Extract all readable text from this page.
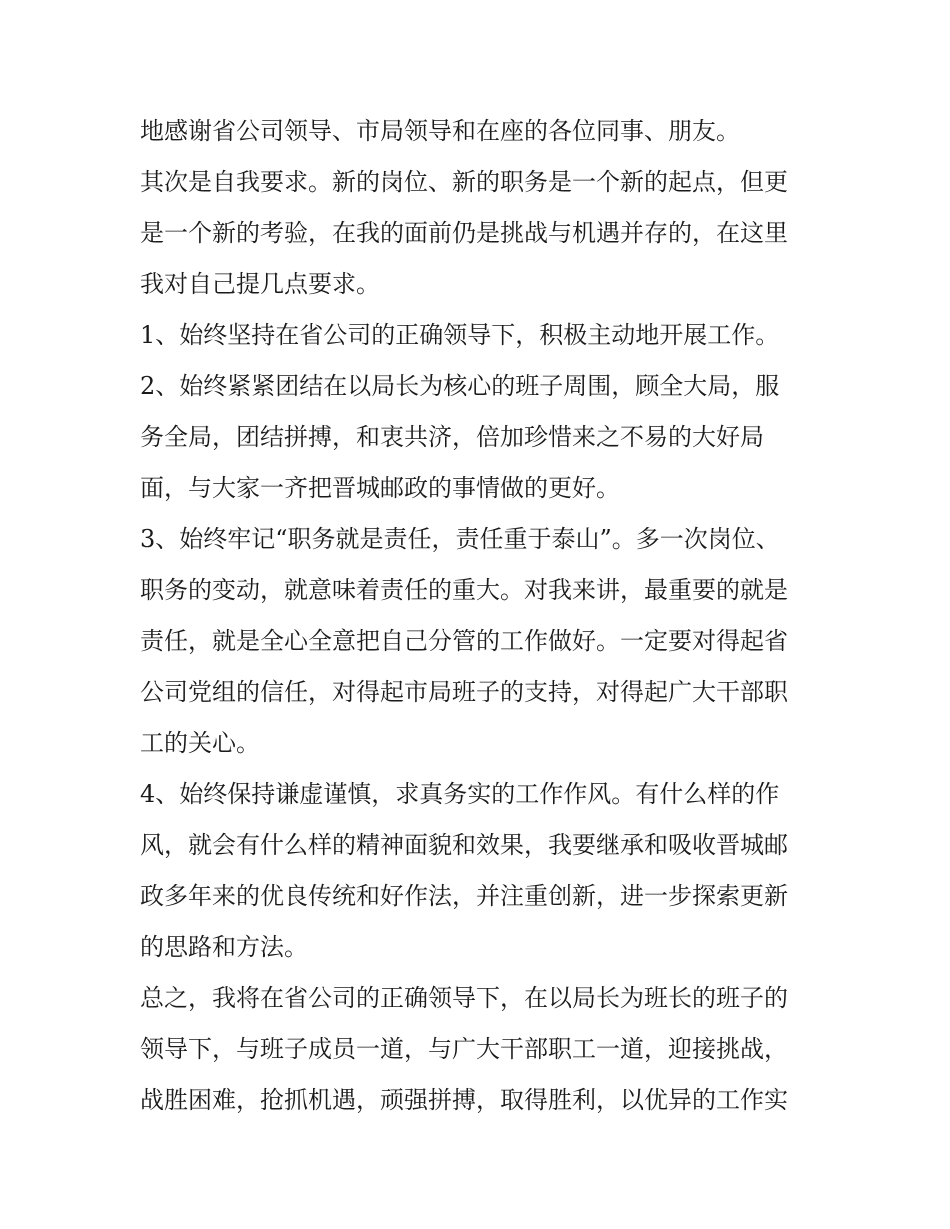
地感谢省公司领导、市局领导和在座的各位同事、朋友。
其次是自我要求。新的岗位、新的职务是一个新的起点，但更
是一个新的考验，在我的面前仍是挑战与机遇并存的，在这里
我对自己提几点要求。
1、始终坚持在省公司的正确领导下，积极主动地开展工作。
2、始终紧紧团结在以局长为核心的班子周围，顾全大局，服
务全局，团结拼搏，和衷共济，倍加珍惜来之不易的大好局
面，与大家一齐把晋城邮政的事情做的更好。
3、始终牢记“职务就是责任，责任重于泰山”。多一次岗位、
职务的变动，就意味着责任的重大。对我来讲，最重要的就是
责任，就是全心全意把自己分管的工作做好。一定要对得起省
公司党组的信任，对得起市局班子的支持，对得起广大干部职
工的关心。
4、始终保持谦虚谨慎，求真务实的工作作风。有什么样的作
风，就会有什么样的精神面貌和效果，我要继承和吸收晋城邮
政多年来的优良传统和好作法，并注重创新，进一步探索更新
的思路和方法。
总之，我将在省公司的正确领导下，在以局长为班长的班子的
领导下，与班子成员一道，与广大干部职工一道，迎接挑战，
战胜困难，抢抓机遇，顽强拼搏，取得胜利，以优异的工作实
